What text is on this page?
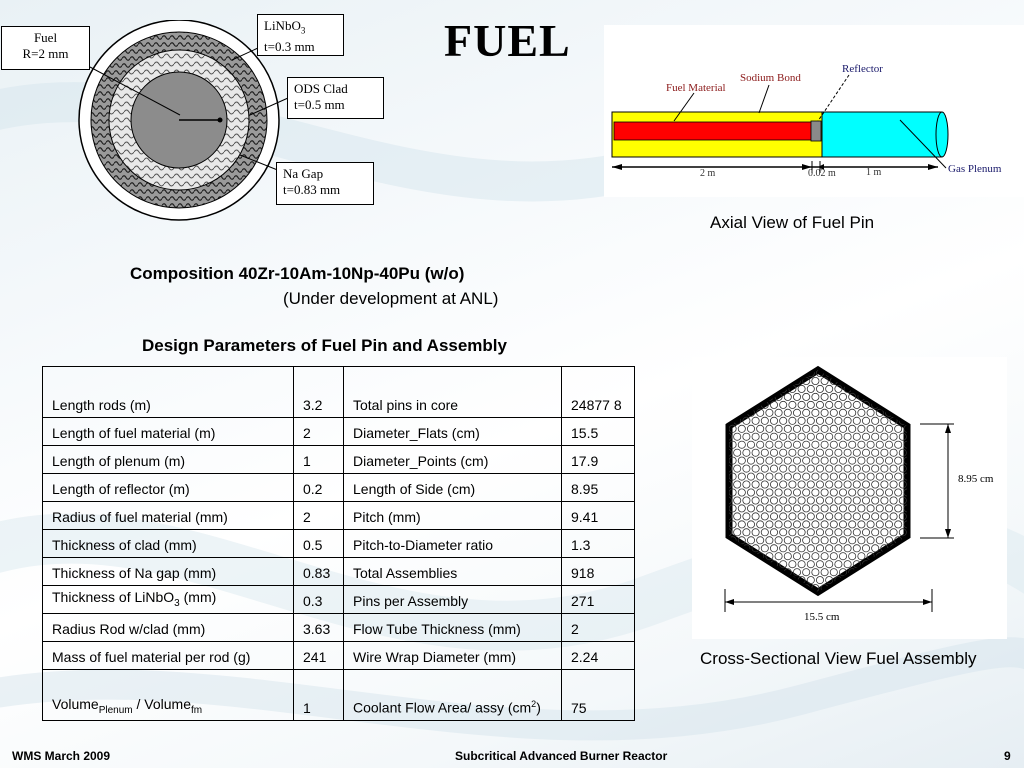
Fuel
R=2 mm
LiNbO$_3$
t=0.3 mm
ODS Clad
t=0.5 mm
Na Gap
t=0.83 mm
FUEL
Fuel Material
Sodium Bond
Reflector
Gas Plenum
2 m	0.02 m	1 m
Axial View of Fuel Pin
Composition 40Zr-10Am-10Np-40Pu (w/o)
(Under development at ANL)
Design Parameters of Fuel Pin and Assembly
Length rods (m)	3.2	Total pins in core	24877 8
Length of fuel material (m)	2	Diameter_Flats (cm)	15.5
Length of plenum (m)	1	Diameter_Points (cm)	17.9
Length of reflector (m)	0.2	Length of Side (cm)	8.95
Radius of fuel material (mm)	2	Pitch (mm)	9.41
Thickness of clad (mm)	0.5	Pitch-to-Diameter ratio	1.3
Thickness of Na gap (mm)	0.83	Total Assemblies	918
Thickness of LiNbO$_3$ (mm)	0.3	Pins per Assembly	271
Radius Rod w/clad (mm)	3.63	Flow Tube Thickness (mm)	2
Mass of fuel material per rod (g)	241	Wire Wrap Diameter (mm)	2.24
Volume$_{Plenum}$ / Volume$_{fm}$	1	Coolant Flow Area/ assy $(cm^2)$	75
8.95 cm
15.5 cm
Cross-Sectional View Fuel Assembly
WMS March 2009	Subcritical Advanced Burner Reactor	9
